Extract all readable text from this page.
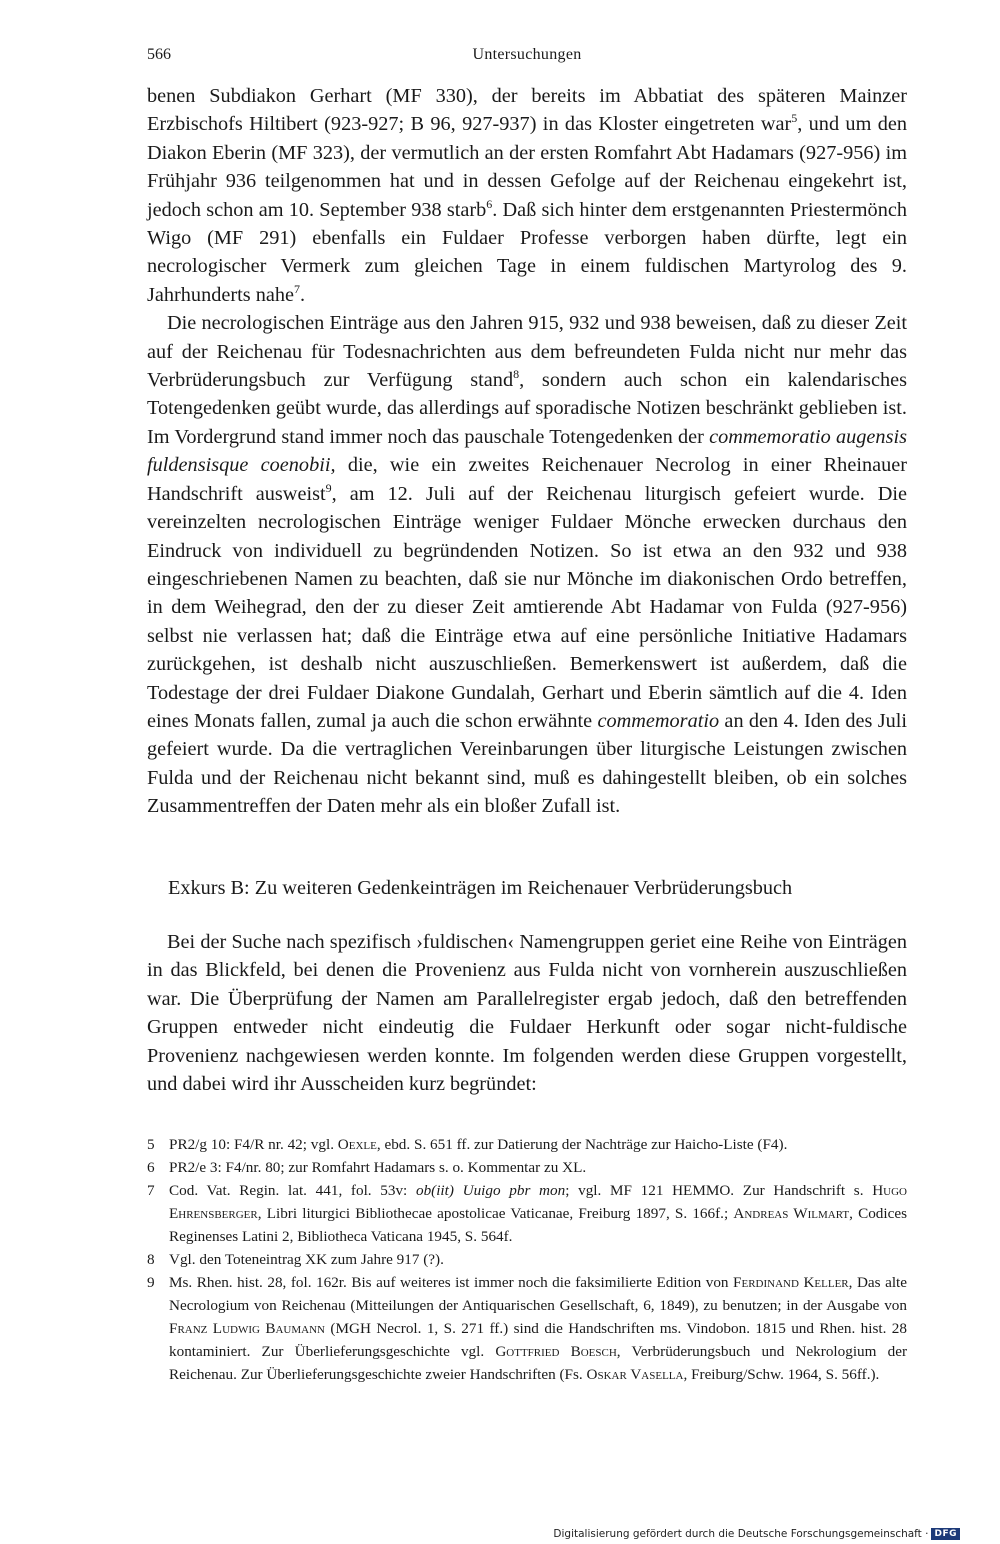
566	Untersuchungen

benen Subdiakon Gerhart (MF 330), der bereits im Abbatiat des späteren Mainzer Erzbischofs Hiltibert (923-927; B 96, 927-937) in das Kloster eingetreten war$^5$, und um den Diakon Eberin (MF 323), der vermutlich an der ersten Romfahrt Abt Hadamars (927-956) im Frühjahr 936 teilgenommen hat und in dessen Gefolge auf der Reichenau eingekehrt ist, jedoch schon am 10. September 938 starb$^6$. Daß sich hinter dem erstgenannten Priestermönch Wigo (MF 291) ebenfalls ein Fuldaer Professe verborgen haben dürfte, legt ein necrologischer Vermerk zum gleichen Tage in einem fuldischen Martyrolog des 9. Jahrhunderts nahe$^7$.

Die necrologischen Einträge aus den Jahren 915, 932 und 938 beweisen, daß zu dieser Zeit auf der Reichenau für Todesnachrichten aus dem befreundeten Fulda nicht nur mehr das Verbrüderungsbuch zur Verfügung stand$^8$, sondern auch schon ein kalendarisches Totengedenken geübt wurde, das allerdings auf sporadische Notizen beschränkt geblieben ist. Im Vordergrund stand immer noch das pauschale Totengedenken der commemoratio augensis fuldensisque coenobii, die, wie ein zweites Reichenauer Necrolog in einer Rheinauer Handschrift ausweist$^9$, am 12. Juli auf der Reichenau liturgisch gefeiert wurde. Die vereinzelten necrologischen Einträge weniger Fuldaer Mönche erwecken durchaus den Eindruck von individuell zu begründenden Notizen. So ist etwa an den 932 und 938 eingeschriebenen Namen zu beachten, daß sie nur Mönche im diakonischen Ordo betreffen, in dem Weihegrad, den der zu dieser Zeit amtierende Abt Hadamar von Fulda (927-956) selbst nie verlassen hat; daß die Einträge etwa auf eine persönliche Initiative Hadamars zurückgehen, ist deshalb nicht auszuschließen. Bemerkenswert ist außerdem, daß die Todestage der drei Fuldaer Diakone Gundalah, Gerhart und Eberin sämtlich auf die 4. Iden eines Monats fallen, zumal ja auch die schon erwähnte commemoratio an den 4. Iden des Juli gefeiert wurde. Da die vertraglichen Vereinbarungen über liturgische Leistungen zwischen Fulda und der Reichenau nicht bekannt sind, muß es dahingestellt bleiben, ob ein solches Zusammentreffen der Daten mehr als ein bloßer Zufall ist.

Exkurs B: Zu weiteren Gedenkeinträgen im Reichenauer Verbrüderungsbuch

Bei der Suche nach spezifisch ›fuldischen‹ Namengruppen geriet eine Reihe von Einträgen in das Blickfeld, bei denen die Provenienz aus Fulda nicht von vornherein auszuschließen war. Die Überprüfung der Namen am Parallelregister ergab jedoch, daß den betreffenden Gruppen entweder nicht eindeutig die Fuldaer Herkunft oder sogar nicht-fuldische Provenienz nachgewiesen werden konnte. Im folgenden werden diese Gruppen vorgestellt, und dabei wird ihr Ausscheiden kurz begründet:

5 PR2/g 10: F4/R nr. 42; vgl. Oexle, ebd. S. 651 ff. zur Datierung der Nachträge zur Haicho-Liste (F4).
6 PR2/e 3: F4/nr. 80; zur Romfahrt Hadamars s. o. Kommentar zu XL.
7 Cod. Vat. Regin. lat. 441, fol. 53v: ob(iit) Uuigo pbr mon; vgl. MF 121 HEMMO. Zur Handschrift s. Hugo Ehrensberger, Libri liturgici Bibliothecae apostolicae Vaticanae, Freiburg 1897, S. 166f.; Andreas Wilmart, Codices Reginenses Latini 2, Bibliotheca Vaticana 1945, S. 564f.
8 Vgl. den Toteneintrag XK zum Jahre 917 (?).
9 Ms. Rhen. hist. 28, fol. 162r. Bis auf weiteres ist immer noch die faksimilierte Edition von Ferdinand Keller, Das alte Necrologium von Reichenau (Mitteilungen der Antiquarischen Gesellschaft, 6, 1849), zu benutzen; in der Ausgabe von Franz Ludwig Baumann (MGH Necrol. 1, S. 271 ff.) sind die Handschriften ms. Vindobon. 1815 und Rhen. hist. 28 kontaminiert. Zur Überlieferungsgeschichte vgl. Gottfried Boesch, Verbrüderungsbuch und Nekrologium der Reichenau. Zur Überlieferungsgeschichte zweier Handschriften (Fs. Oskar Vasella, Freiburg/Schw. 1964, S. 56ff.).
Digitalisierung gefördert durch die Deutsche Forschungsgemeinschaft · DFG
